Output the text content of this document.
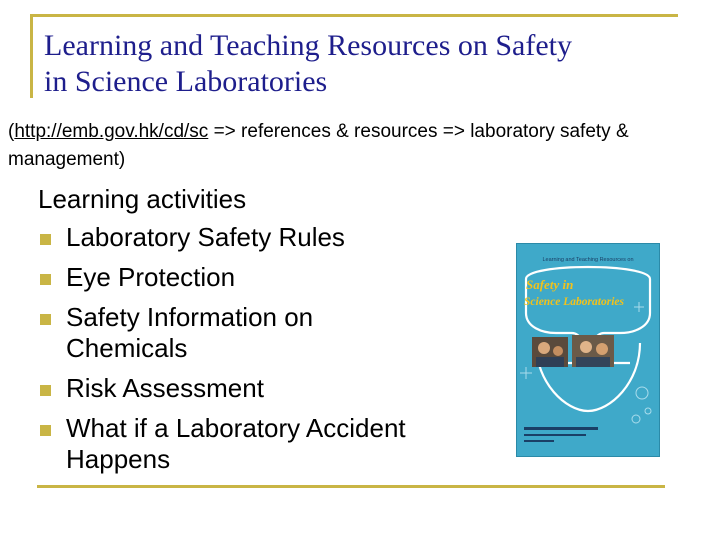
Learning and Teaching Resources on Safety
in Science Laboratories
(http://emb.gov.hk/cd/sc => references & resources => laboratory safety & management)
Learning activities
Laboratory Safety Rules
Eye Protection
Safety Information on Chemicals
Risk Assessment
What if a Laboratory Accident Happens
Learning and Teaching Resources on
Safety in
Science Laboratories
